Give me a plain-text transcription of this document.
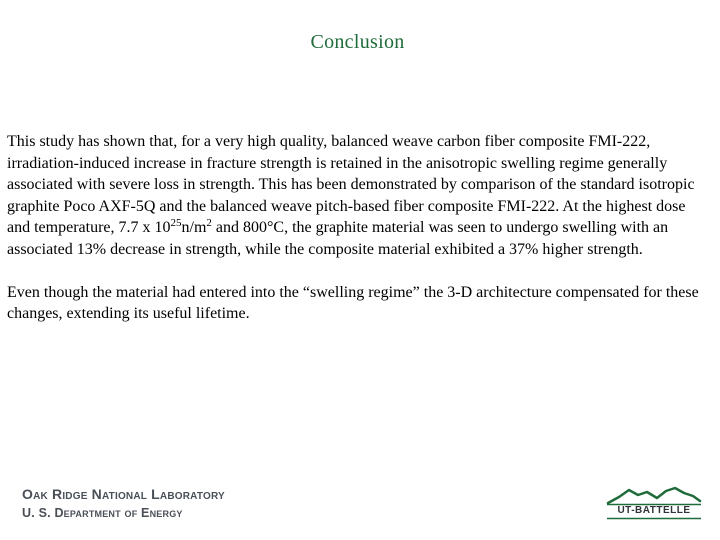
Conclusion

This study has shown that, for a very high quality, balanced weave carbon fiber composite FMI-222, irradiation-induced increase in fracture strength is retained in the anisotropic swelling regime generally associated with severe loss in strength. This has been demonstrated by comparison of the standard isotropic graphite Poco AXF-5Q and the balanced weave pitch-based fiber composite FMI-222. At the highest dose and temperature, 7.7 x $10^{25}n/m^2$ and 800°C, the graphite material was seen to undergo swelling with an associated 13% decrease in strength, while the composite material exhibited a 37% higher strength.

Even though the material had entered into the “swelling regime” the 3-D architecture compensated for these changes, extending its useful lifetime.

Oak Ridge National Laboratory
U. S. Department of Energy	UT-BATTELLE
